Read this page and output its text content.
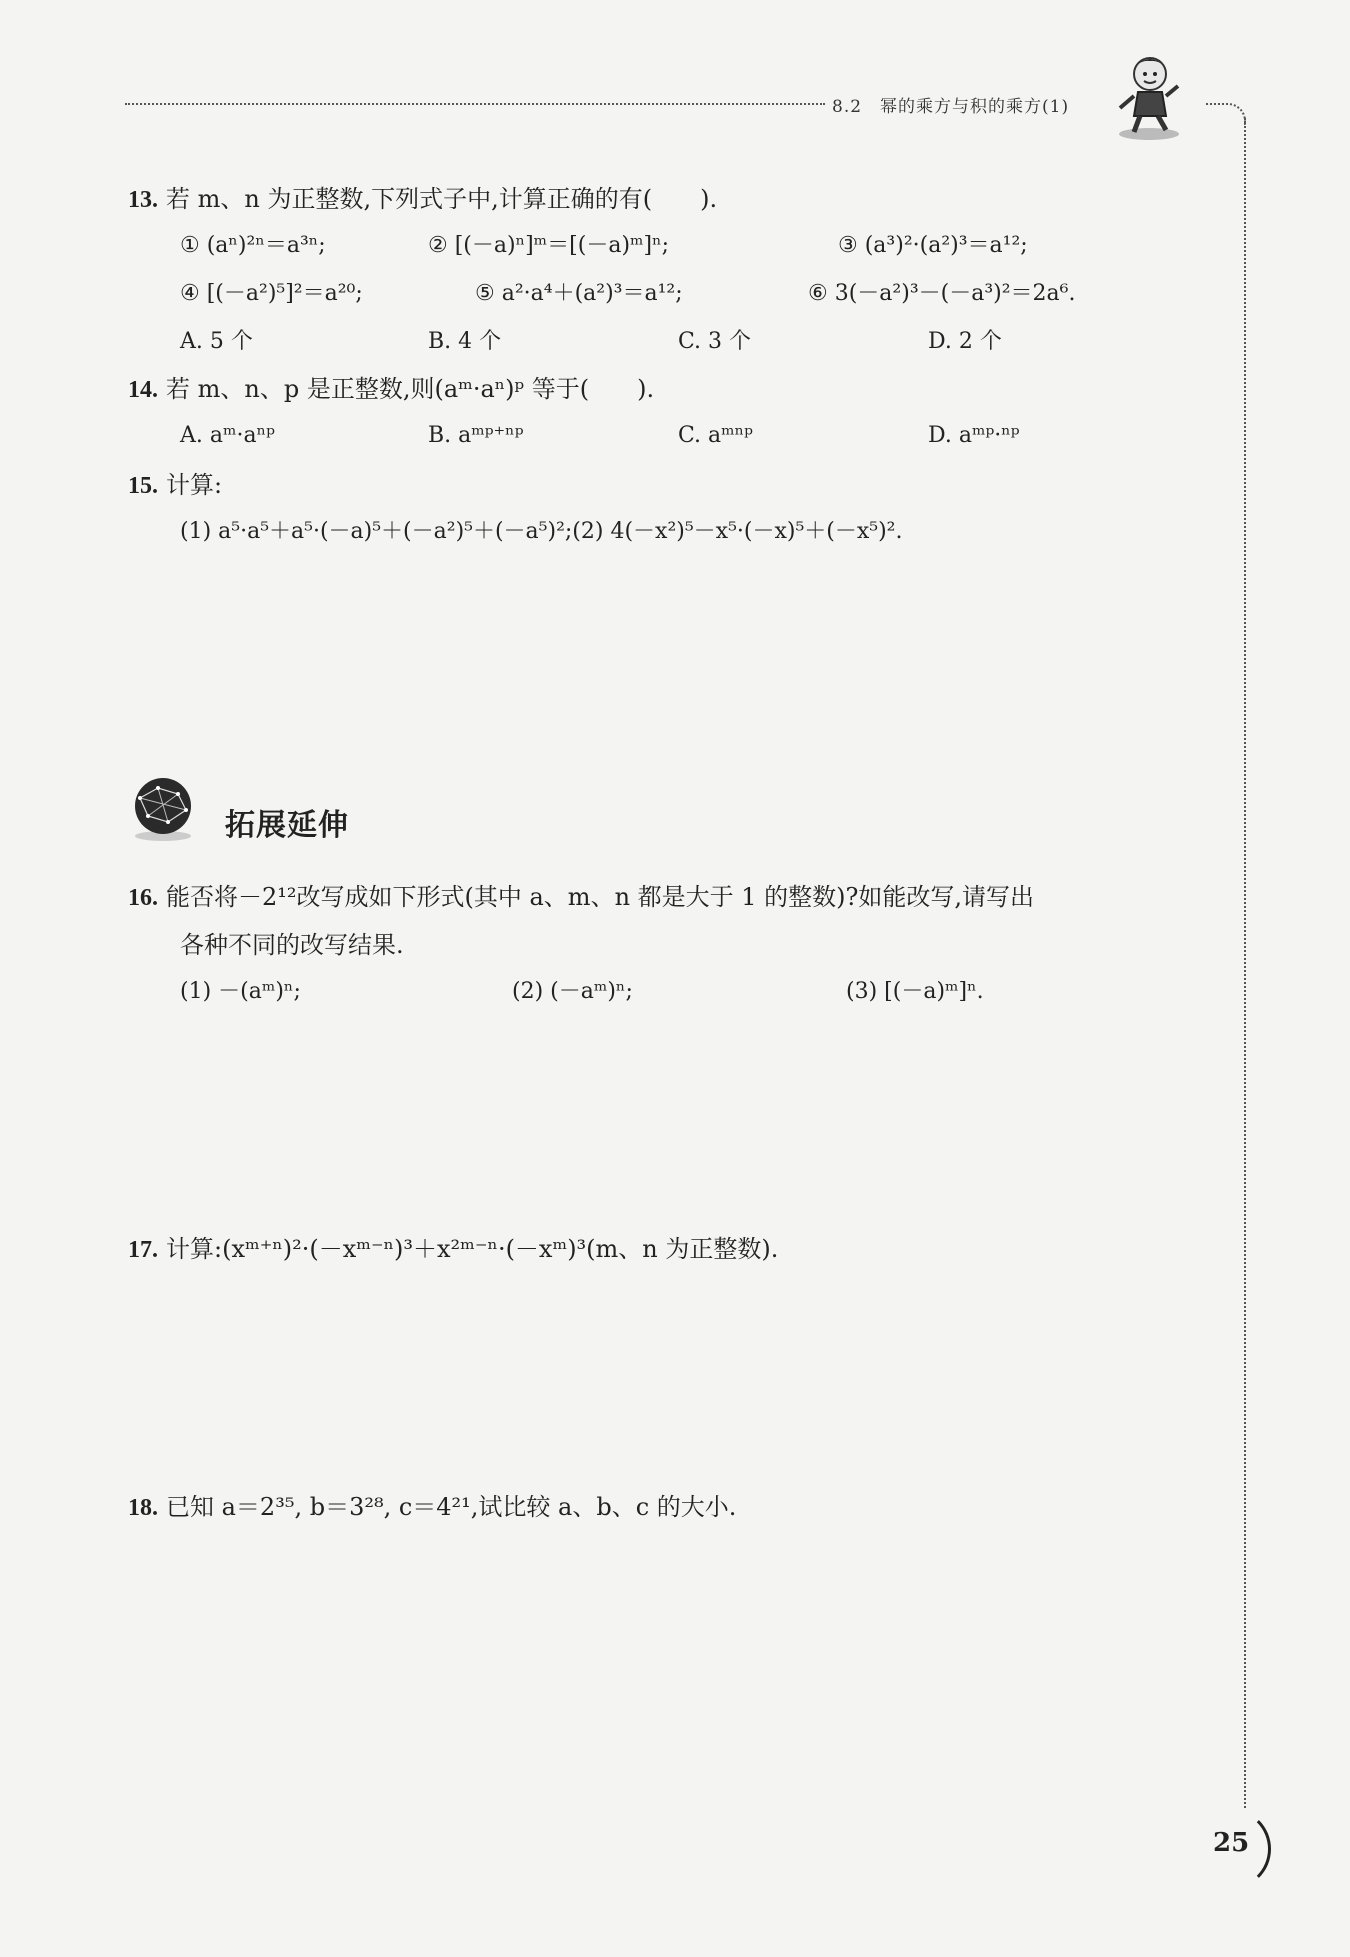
8.2　幂的乘方与积的乘方(1)
13. 若 m、n 为正整数,下列式子中,计算正确的有(　　).
① (aⁿ)²ⁿ＝a³ⁿ;	② [(－a)ⁿ]ᵐ＝[(－a)ᵐ]ⁿ;	③ (a³)²·(a²)³＝a¹²;
④ [(－a²)⁵]²＝a²⁰;	⑤ a²·a⁴＋(a²)³＝a¹²;	⑥ 3(－a²)³－(－a³)²＝2a⁶.
A. 5 个	B. 4 个	C. 3 个	D. 2 个
14. 若 m、n、p 是正整数,则(aᵐ·aⁿ)ᵖ 等于(　　).
A. aᵐ·aⁿᵖ	B. aᵐᵖ⁺ⁿᵖ	C. aᵐⁿᵖ	D. aᵐᵖ·ⁿᵖ
15. 计算:
(1) a⁵·a⁵＋a⁵·(－a)⁵＋(－a²)⁵＋(－a⁵)²;(2) 4(－x²)⁵－x⁵·(－x)⁵＋(－x⁵)².
拓展延伸
16. 能否将－2¹²改写成如下形式(其中 a、m、n 都是大于 1 的整数)?如能改写,请写出
各种不同的改写结果.
(1) －(aᵐ)ⁿ;	(2) (－aᵐ)ⁿ;	(3) [(－a)ᵐ]ⁿ.
17. 计算:(xᵐ⁺ⁿ)²·(－xᵐ⁻ⁿ)³＋x²ᵐ⁻ⁿ·(－xᵐ)³(m、n 为正整数).
18. 已知 a＝2³⁵, b＝3²⁸, c＝4²¹,试比较 a、b、c 的大小.
25
